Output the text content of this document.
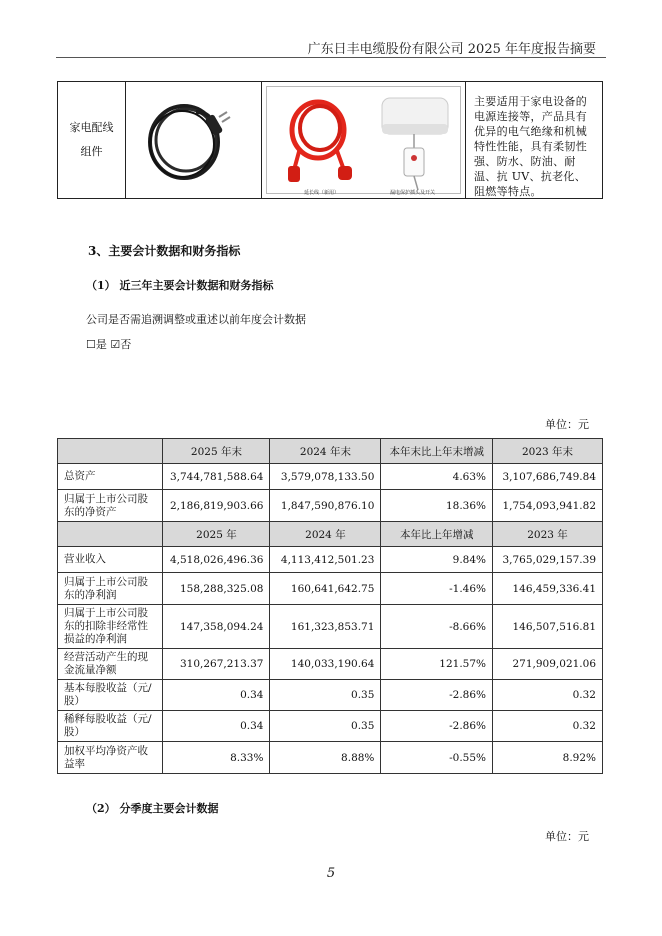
广东日丰电缆股份有限公司 2025 年年度报告摘要
家电配线
组件
延长线（新用）	漏电保护插头及开关
主要适用于家电设备的电源连接等，产品具有优异的电气绝缘和机械特性性能，具有柔韧性强、防水、防油、耐温、抗 UV、抗老化、阻燃等特点。
3、主要会计数据和财务指标
（1） 近三年主要会计数据和财务指标
公司是否需追溯调整或重述以前年度会计数据
☐是 ☑否
单位：元
	2025 年末	2024 年末	本年末比上年末增减	2023 年末
总资产	3,744,781,588.64	3,579,078,133.50	4.63%	3,107,686,749.84
归属于上市公司股东的净资产	2,186,819,903.66	1,847,590,876.10	18.36%	1,754,093,941.82
	2025 年	2024 年	本年比上年增减	2023 年
营业收入	4,518,026,496.36	4,113,412,501.23	9.84%	3,765,029,157.39
归属于上市公司股东的净利润	158,288,325.08	160,641,642.75	-1.46%	146,459,336.41
归属于上市公司股东的扣除非经常性损益的净利润	147,358,094.24	161,323,853.71	-8.66%	146,507,516.81
经营活动产生的现金流量净额	310,267,213.37	140,033,190.64	121.57%	271,909,021.06
基本每股收益（元/股）	0.34	0.35	-2.86%	0.32
稀释每股收益（元/股）	0.34	0.35	-2.86%	0.32
加权平均净资产收益率	8.33%	8.88%	-0.55%	8.92%
（2） 分季度主要会计数据
单位：元
5
